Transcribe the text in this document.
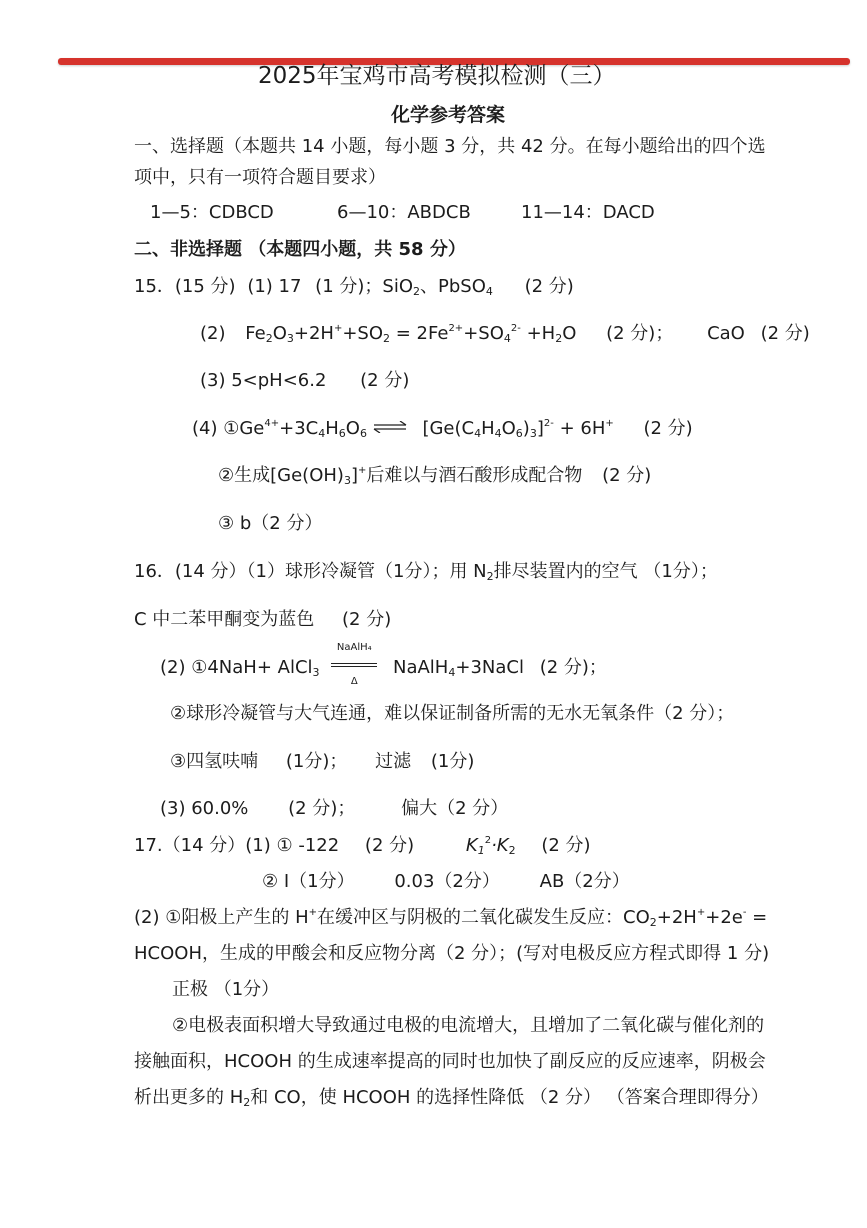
2025年宝鸡市高考模拟检测（三）
化学参考答案
一、选择题（本题共 14 小题，每小题 3 分，共 42 分。在每小题给出的四个选
项中，只有一项符合题目要求）
1—5：CDBCD	6—10：ABDCB	11—14：DACD
二、非选择题 （本题四小题，共 58 分）
15．(15 分) (1) 17 (1 分)；SiO$_2$、PbSO$_4$ (2 分)
(2) $Fe_2O_3+2H^++SO_2 = 2Fe^{2+}+SO_4^{2-} +H_2O$ (2 分)； CaO (2 分)
(3) 5<pH<6.2 (2 分)
(4) $①Ge^{4+}+3C_4H_6O_6$ ⇌ $[Ge(C_4H_4O_6)_3]^{2-} + 6H^+$ (2 分)
②生成$[Ge(OH)_3]^+$后难以与酒石酸形成配合物 (2 分)
③ b（2 分）
16．(14 分）（1）球形冷凝管（1分）；用 $N_2$排尽装置内的空气 （1分）；
C 中二苯甲酮变为蓝色 (2 分)
(2) ①4NaH+ AlCl$_3$
NaAlH₄
Δ
NaAlH$_4$+3NaCl (2 分)；
②球形冷凝管与大气连通，难以保证制备所需的无水无氧条件（2 分）；
③四氢呋喃 (1分)； 过滤 (1分)
(3) 60.0% (2 分)；	偏大（2 分）
17.（14 分）(1) ① -122 (2 分)	$K_1^2\cdot K_2$ (2 分)
② I（1分） 0.03（2分） AB（2分）
(2) ①阳极上产生的 H+在缓冲区与阴极的二氧化碳发生反应：$CO_2+2H^++2e^-$ =
HCOOH，生成的甲酸会和反应物分离（2 分）；(写对电极反应方程式即得 1 分)
正极 （1分）
②电极表面积增大导致通过电极的电流增大，且增加了二氧化碳与催化剂的
接触面积，HCOOH 的生成速率提高的同时也加快了副反应的反应速率，阴极会
析出更多的 $H_2$和 CO，使 HCOOH 的选择性降低 （2 分） （答案合理即得分）
